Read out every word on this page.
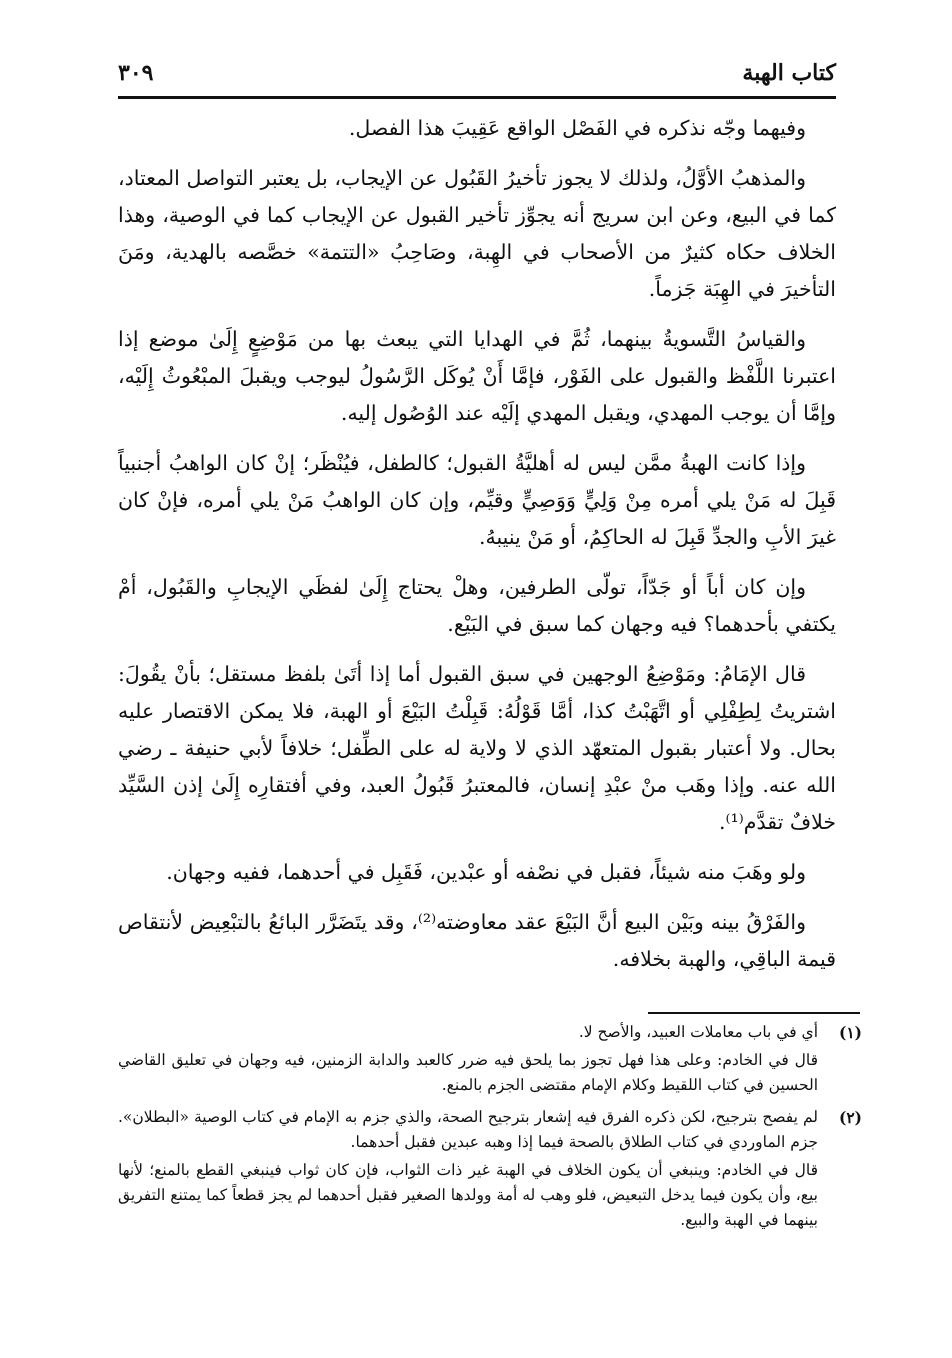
كتاب الهبة
٣٠٩

وفيهما وجّه نذكره في الفَصْل الواقع عَقِيبَ هذا الفصل.

والمذهبُ الأوَّلُ، ولذلك لا يجوز تأخيرُ القَبُول عن الإيجاب، بل يعتبر التواصل المعتاد، كما في البيع، وعن ابن سريج أنه يجوِّز تأخير القبول عن الإيجاب كما في الوصية، وهذا الخلاف حكاه كثيرٌ من الأصحاب في الهِبة، وصَاحِبُ «التتمة» خصَّصه بالهدية، ومَنَ التأخيرَ في الهِبَة جَزماً.

والقياسُ التَّسويةُ بينهما، ثُمَّ في الهدايا التي يبعث بها من مَوْضِعٍ إِلَىٰ موضع إذا اعتبرنا اللَّفْظ والقبول على الفَوْر، فإمَّا أَنْ يُوكَل الرَّسُولُ ليوجب ويقبلَ المبْعُوثُ إِلَيْه، وإمَّا أن يوجب المهدي، ويقبل المهدي إلَيْه عند الوُصُول إليه.

وإذا كانت الهبةُ ممَّن ليس له أهليَّةُ القبول؛ كالطفل، فيُنْظَر؛ إنْ كان الواهبُ أجنبياً قَبِلَ له مَنْ يلي أمره مِنْ وَلِيٍّ وَوَصِيٍّ وقيِّم، وإن كان الواهبُ مَنْ يلي أمره، فإنْ كان غيرَ الأبِ والجدِّ قَبِلَ له الحاكِمُ، أو مَنْ ينيبهُ.

وإن كان أباً أو جَدّاً، تولّى الطرفين، وهلْ يحتاج إِلَىٰ لفظَي الإيجابِ والقَبُول، أمْ يكتفي بأحدهما؟ فيه وجهان كما سبق في البَيْع.

قال الإمَامُ: ومَوْضِعُ الوجهين في سبق القبول أما إذا أتَىٰ بلفظ مستقل؛ بأنْ يقُولَ: اشتريتُ لِطِفْلِي أو اتَّهَبْتُ كذا، أمَّا قَوْلُهُ: قَبِلْتُ البَيْعَ أو الهبة، فلا يمكن الاقتصار عليه بحال. ولا أعتبار بقبول المتعهّد الذي لا ولاية له على الطِّفل؛ خلافاً لأبي حنيفة ـ رضي الله عنه. وإذا وهَب منْ عبْدِ إنسان، فالمعتبرُ قَبُولُ العبد، وفي أفتقارِه إِلَىٰ إذن السَّيِّد خلافٌ تقدَّم⁽¹⁾.

ولو وهَبَ منه شيئاً، فقبل في نصْفه أو عبْدين، فَقَبِل في أحدهما، ففيه وجهان.

والفَرْقُ بينه وبَيْن البيع أنَّ البَيْعَ عقد معاوضته⁽²⁾، وقد يتَضَرَّر البائعُ بالتبْعِيض لأنتقاص قيمة الباقِي، والهبة بخلافه.

(١)

أي في باب معاملات العبيد، والأصح لا.

قال في الخادم: وعلى هذا فهل تجوز بما يلحق فيه ضرر كالعبد والدابة الزمنين، فيه وجهان في تعليق القاضي الحسين في كتاب اللقيط وكلام الإمام مقتضى الجزم بالمنع.

(٢)

لم يفصح بترجيح، لكن ذكره الفرق فيه إشعار بترجيح الصحة، والذي جزم به الإمام في كتاب الوصية «البطلان». جزم الماوردي في كتاب الطلاق بالصحة فيما إذا وهبه عبدين فقبل أحدهما.

قال في الخادم: وينبغي أن يكون الخلاف في الهبة غير ذات الثواب، فإن كان ثواب فينبغي القطع بالمنع؛ لأنها بيع، وأن يكون فيما يدخل التبعيض، فلو وهب له أمة وولدها الصغير فقبل أحدهما لم يجز قطعاً كما يمتنع التفريق بينهما في الهبة والبيع.
